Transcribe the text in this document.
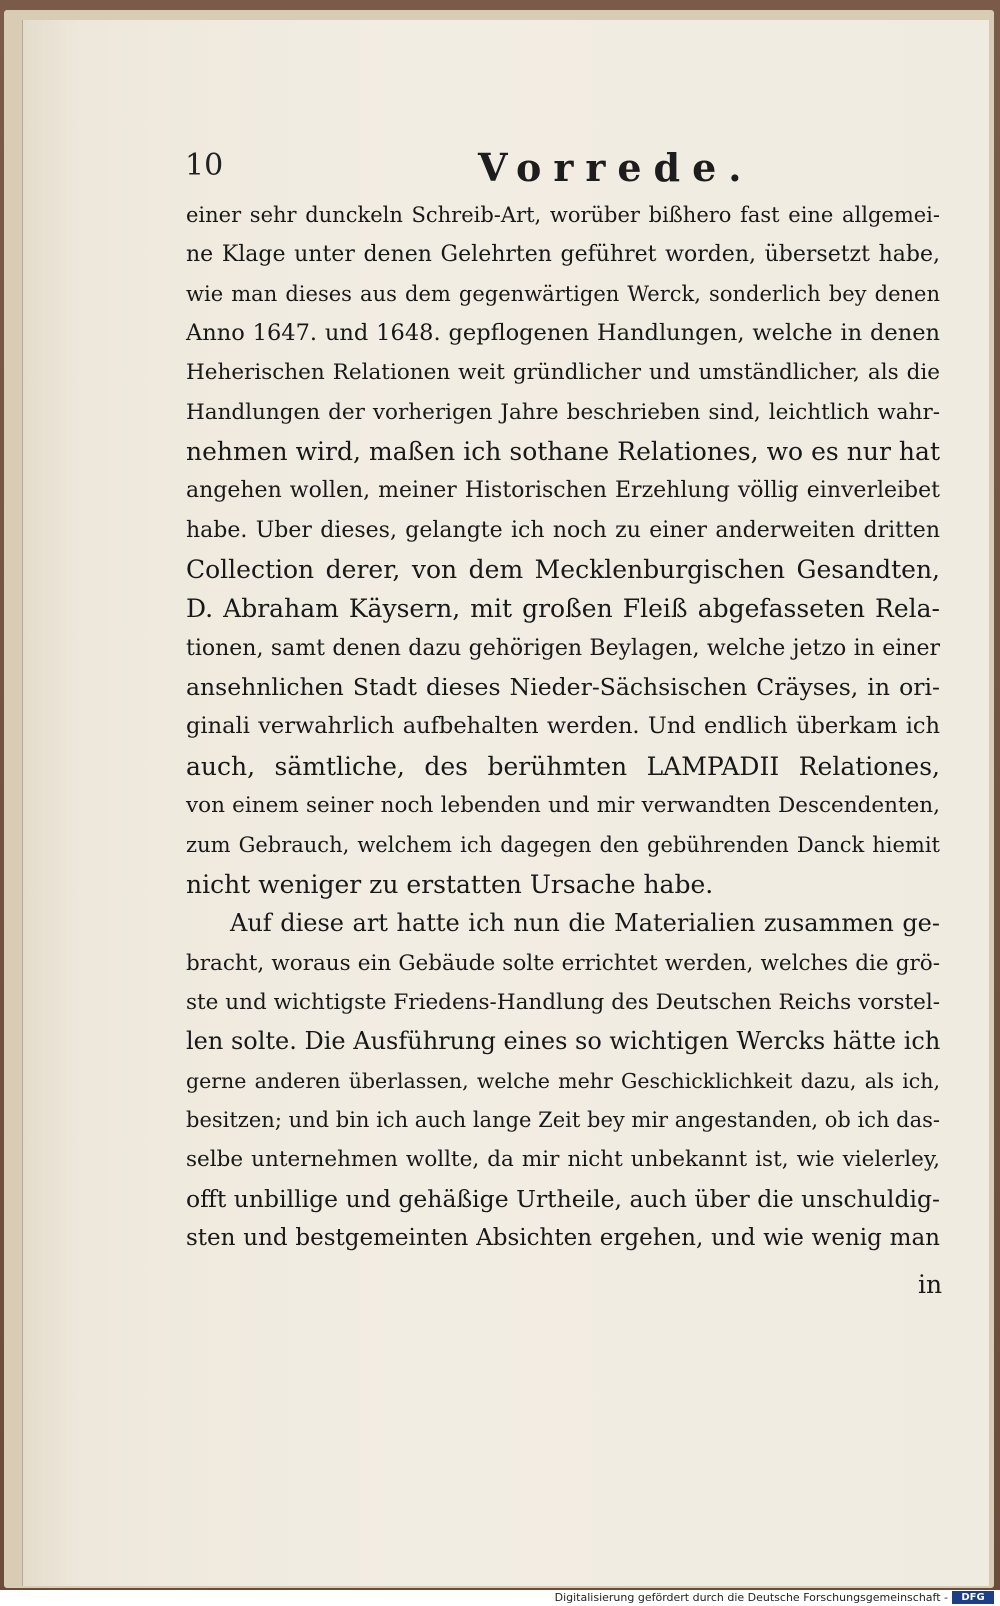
10	Vorrede.
einer sehr dunckeln Schreib-Art, worüber bißhero fast eine allgemei-
ne Klage unter denen Gelehrten geführet worden, übersetzt habe,
wie man dieses aus dem gegenwärtigen Werck, sonderlich bey denen
Anno 1647. und 1648. gepflogenen Handlungen, welche in denen
Heherischen Relationen weit gründlicher und umständlicher, als die
Handlungen der vorherigen Jahre beschrieben sind, leichtlich wahr-
nehmen wird, maßen ich sothane Relationes, wo es nur hat
angehen wollen, meiner Historischen Erzehlung völlig einverleibet
habe. Uber dieses, gelangte ich noch zu einer anderweiten dritten
Collection derer, von dem Mecklenburgischen Gesandten,
D. Abraham Käysern, mit großen Fleiß abgefasseten Rela-
tionen, samt denen dazu gehörigen Beylagen, welche jetzo in einer
ansehnlichen Stadt dieses Nieder-Sächsischen Cräyses, in ori-
ginali verwahrlich aufbehalten werden. Und endlich überkam ich
auch, sämtliche, des berühmten LAMPADII Relationes,
von einem seiner noch lebenden und mir verwandten Descendenten,
zum Gebrauch, welchem ich dagegen den gebührenden Danck hiemit
nicht weniger zu erstatten Ursache habe.
Auf diese art hatte ich nun die Materialien zusammen ge-
bracht, woraus ein Gebäude solte errichtet werden, welches die grö-
ste und wichtigste Friedens-Handlung des Deutschen Reichs vorstel-
len solte. Die Ausführung eines so wichtigen Wercks hätte ich
gerne anderen überlassen, welche mehr Geschicklichkeit dazu, als ich,
besitzen; und bin ich auch lange Zeit bey mir angestanden, ob ich das-
selbe unternehmen wollte, da mir nicht unbekannt ist, wie vielerley,
offt unbillige und gehäßige Urtheile, auch über die unschuldig-
sten und bestgemeinten Absichten ergehen, und wie wenig man
in
Digitalisierung gefördert durch die Deutsche Forschungsgemeinschaft -	DFG
